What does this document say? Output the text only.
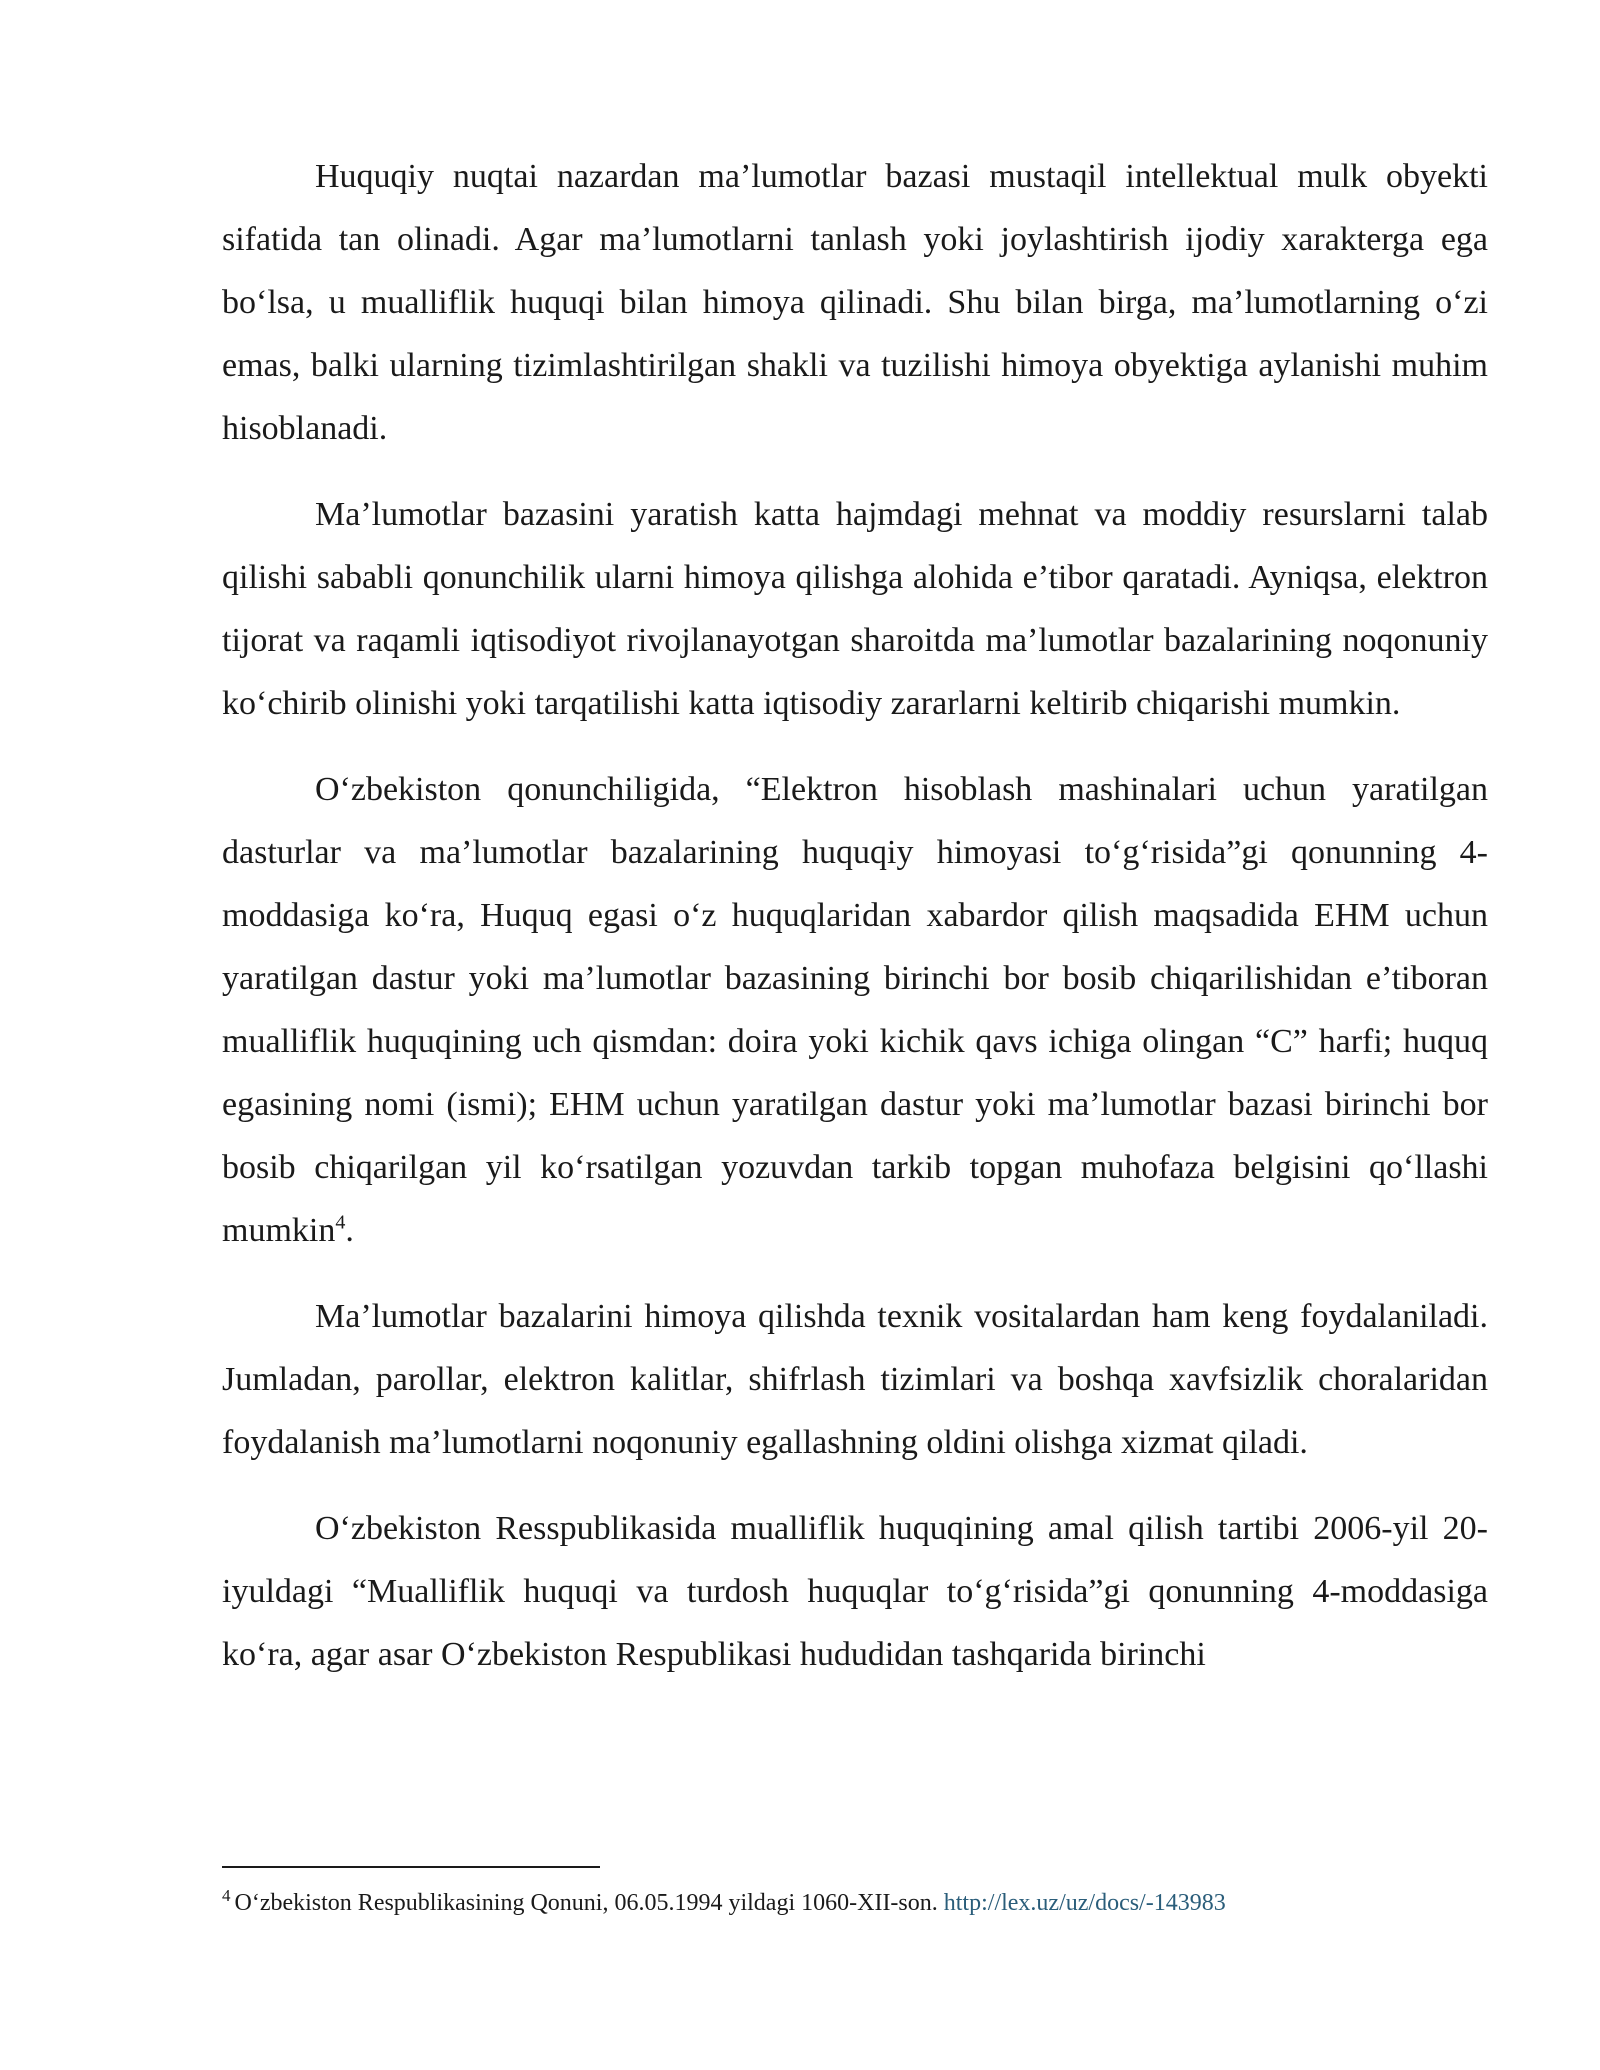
Huquqiy nuqtai nazardan ma’lumotlar bazasi mustaqil intellektual mulk obyekti sifatida tan olinadi. Agar ma’lumotlarni tanlash yoki joylashtirish ijodiy xarakterga ega bo‘lsa, u mualliflik huquqi bilan himoya qilinadi. Shu bilan birga, ma’lumotlarning o‘zi emas, balki ularning tizimlashtirilgan shakli va tuzilishi himoya obyektiga aylanishi muhim hisoblanadi.

Ma’lumotlar bazasini yaratish katta hajmdagi mehnat va moddiy resurslarni talab qilishi sababli qonunchilik ularni himoya qilishga alohida e’tibor qaratadi. Ayniqsa, elektron tijorat va raqamli iqtisodiyot rivojlanayotgan sharoitda ma’lumotlar bazalarining noqonuniy ko‘chirib olinishi yoki tarqatilishi katta iqtisodiy zararlarni keltirib chiqarishi mumkin.

O‘zbekiston qonunchiligida, “Elektron hisoblash mashinalari uchun yaratilgan dasturlar va ma’lumotlar bazalarining huquqiy himoyasi to‘g‘risida”gi qonunning 4-moddasiga ko‘ra, Huquq egasi o‘z huquqlaridan xabardor qilish maqsadida EHM uchun yaratilgan dastur yoki ma’lumotlar bazasining birinchi bor bosib chiqarilishidan e’tiboran mualliflik huquqining uch qismdan: doira yoki kichik qavs ichiga olingan “C” harfi; huquq egasining nomi (ismi); EHM uchun yaratilgan dastur yoki ma’lumotlar bazasi birinchi bor bosib chiqarilgan yil ko‘rsatilgan yozuvdan tarkib topgan muhofaza belgisini qo‘llashi mumkin$^4$.

Ma’lumotlar bazalarini himoya qilishda texnik vositalardan ham keng foydalaniladi. Jumladan, parollar, elektron kalitlar, shifrlash tizimlari va boshqa xavfsizlik choralaridan foydalanish ma’lumotlarni noqonuniy egallashning oldini olishga xizmat qiladi.

O‘zbekiston Resspublikasida mualliflik huquqining amal qilish tartibi 2006-yil 20-iyuldagi “Mualliflik huquqi va turdosh huquqlar to‘g‘risida”gi qonunning 4-moddasiga ko‘ra, agar asar O‘zbekiston Respublikasi hududidan tashqarida birinchi

$^4$ O‘zbekiston Respublikasining Qonuni, 06.05.1994 yildagi 1060-XII-son. http://lex.uz/uz/docs/-143983
